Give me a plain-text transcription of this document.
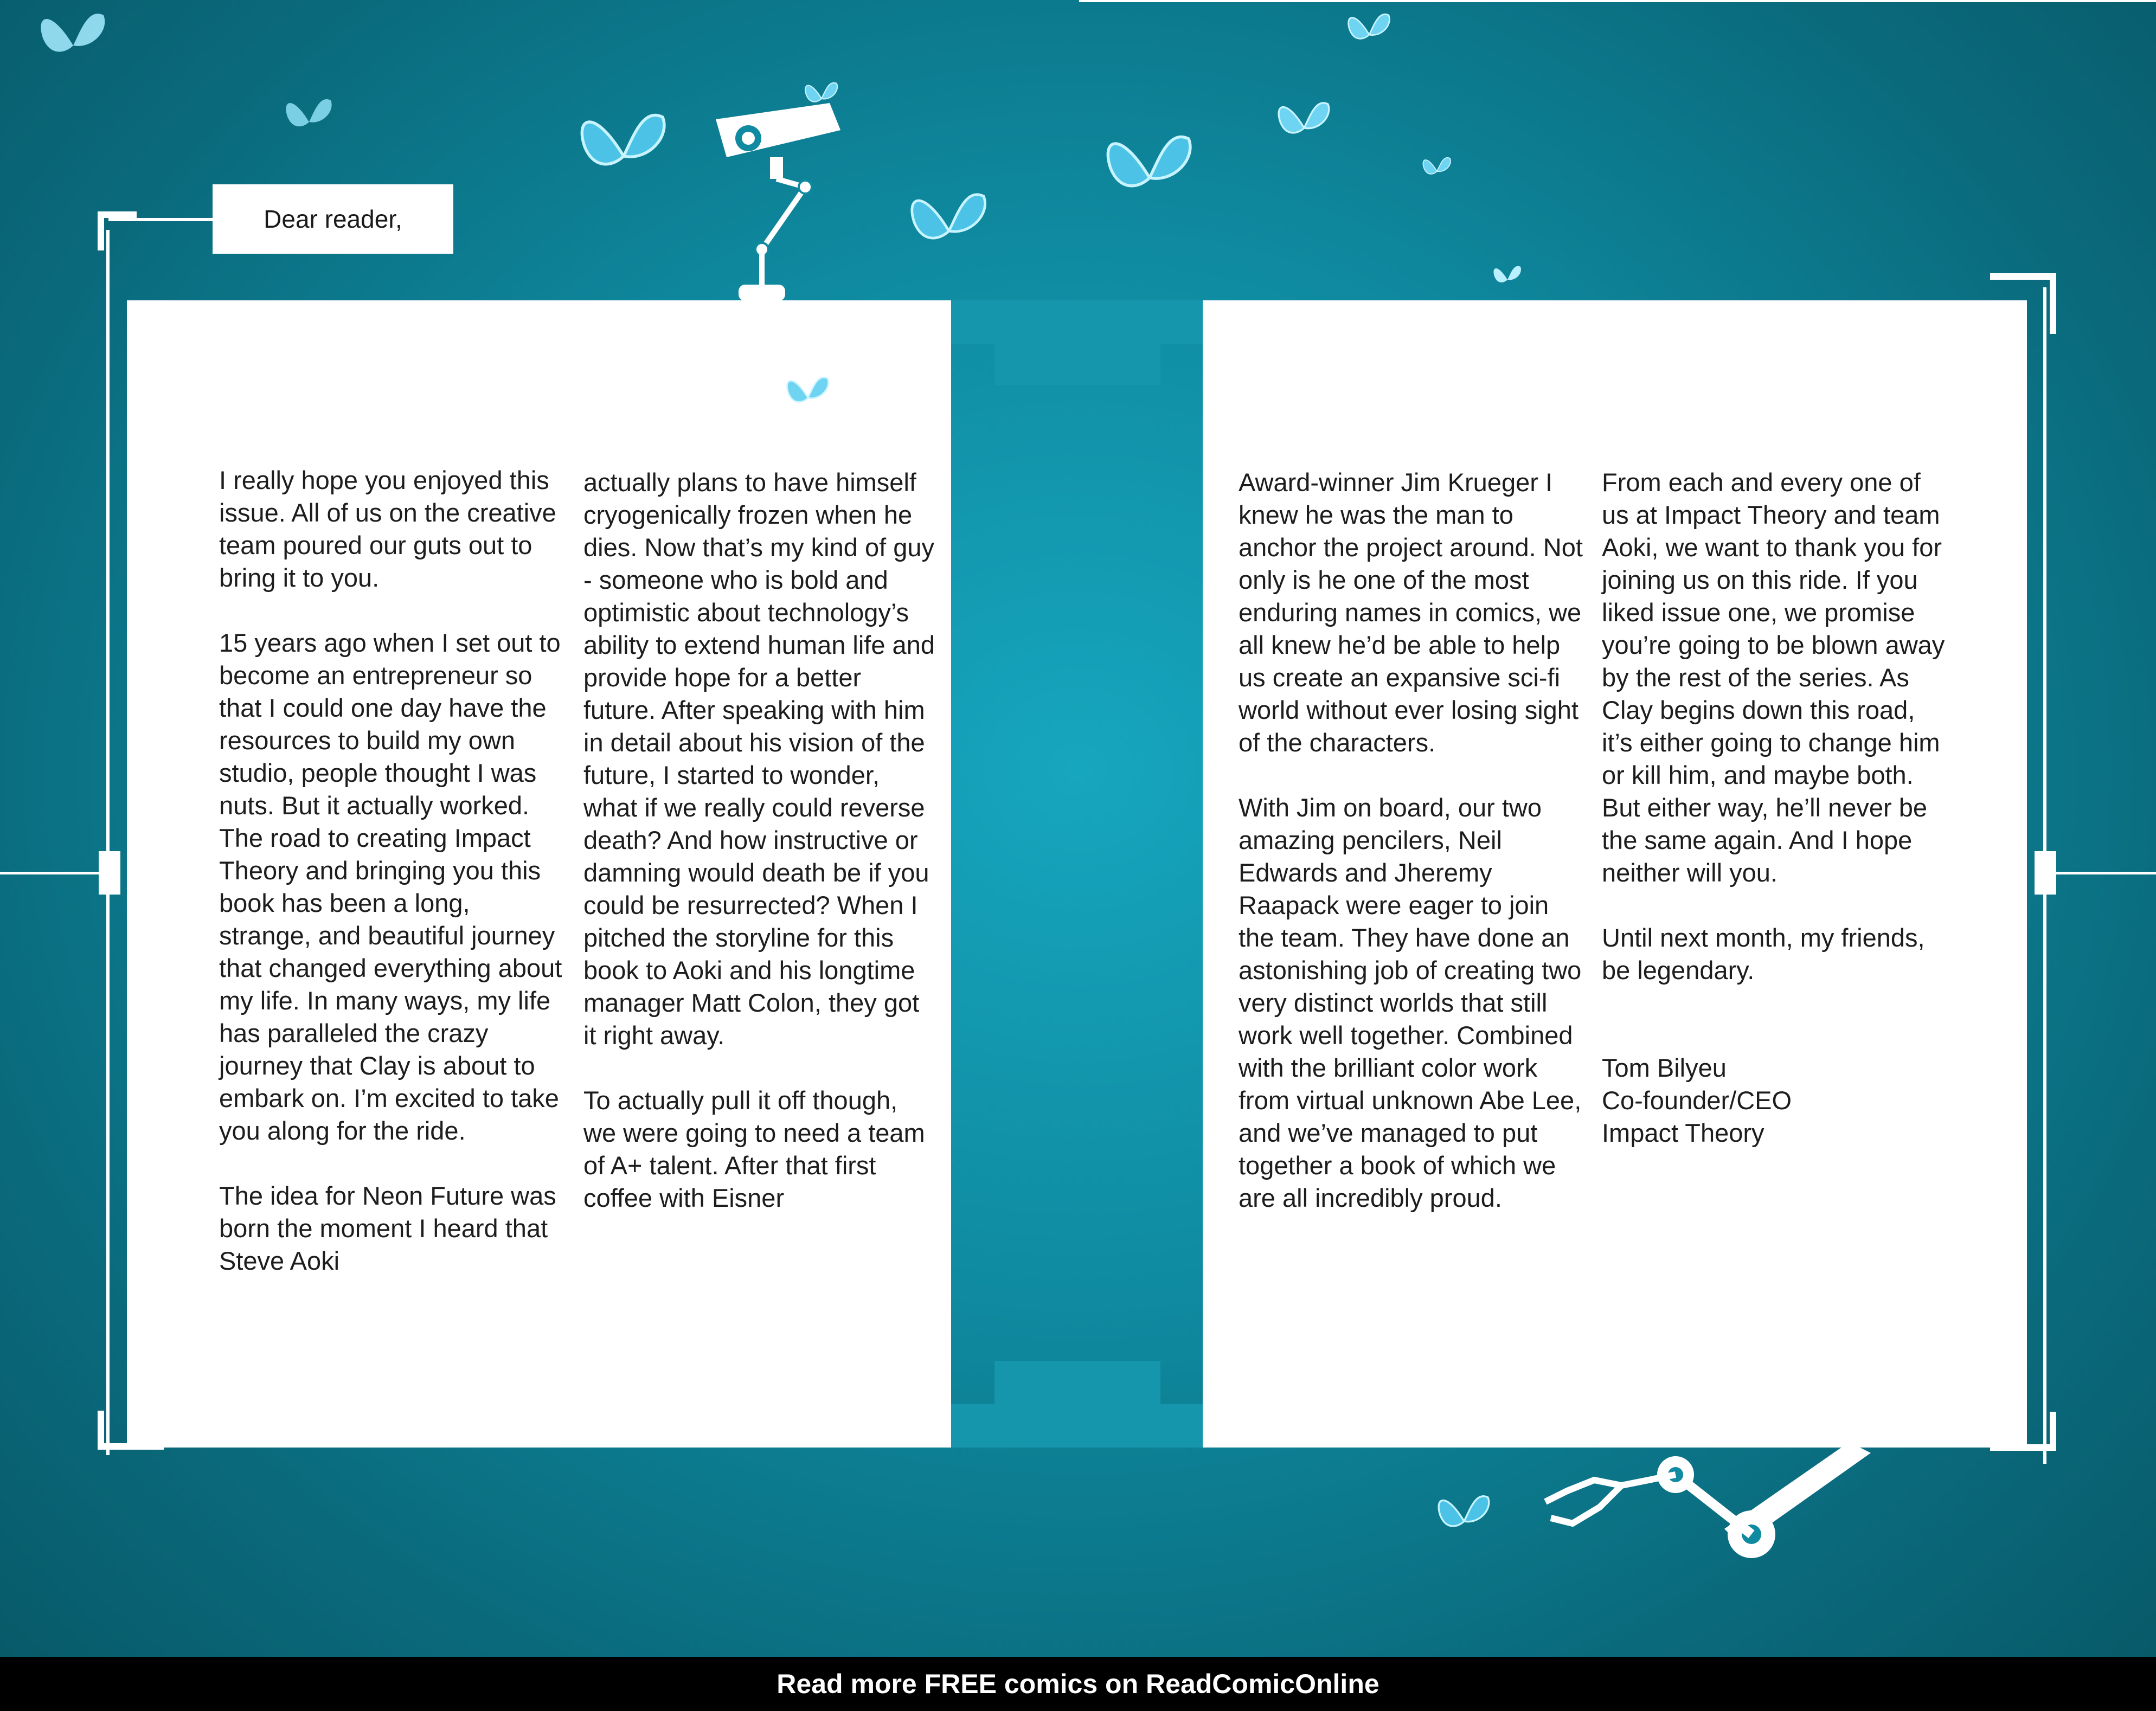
Dear reader,

I really hope you enjoyed this issue. All of us on the creative team poured our guts out to bring it to you.

15 years ago when I set out to become an entrepreneur so that I could one day have the resources to build my own studio, people thought I was nuts. But it actually worked. The road to creating Impact Theory and bringing you this book has been a long, strange, and beautiful journey that changed everything about my life. In many ways, my life has paralleled the crazy journey that Clay is about to embark on. I’m excited to take you along for the ride.

The idea for Neon Future was born the moment I heard that Steve Aoki

actually plans to have himself cryogenically frozen when he dies. Now that’s my kind of guy - someone who is bold and optimistic about technology’s ability to extend human life and provide hope for a better future. After speaking with him in detail about his vision of the future, I started to wonder, what if we really could reverse death? And how instructive or damning would death be if you could be resurrected? When I pitched the storyline for this book to Aoki and his longtime manager Matt Colon, they got it right away.

To actually pull it off though, we were going to need a team of A+ talent. After that first coffee with Eisner

Award-winner Jim Krueger I knew he was the man to anchor the project around. Not only is he one of the most enduring names in comics, we all knew he’d be able to help us create an expansive sci-fi world without ever losing sight of the characters.

With Jim on board, our two amazing pencilers, Neil Edwards and Jheremy Raapack were eager to join the team. They have done an astonishing job of creating two very distinct worlds that still work well together. Combined with the brilliant color work from virtual unknown Abe Lee, and we’ve managed to put together a book of which we are all incredibly proud.

From each and every one of us at Impact Theory and team Aoki, we want to thank you for joining us on this ride. If you liked issue one, we promise you’re going to be blown away by the rest of the series. As Clay begins down this road, it’s either going to change him or kill him, and maybe both. But either way, he’ll never be the same again. And I hope neither will you.

Until next month, my friends, be legendary.

Tom Bilyeu
Co-founder/CEO
Impact Theory
Read more FREE comics on ReadComicOnline
